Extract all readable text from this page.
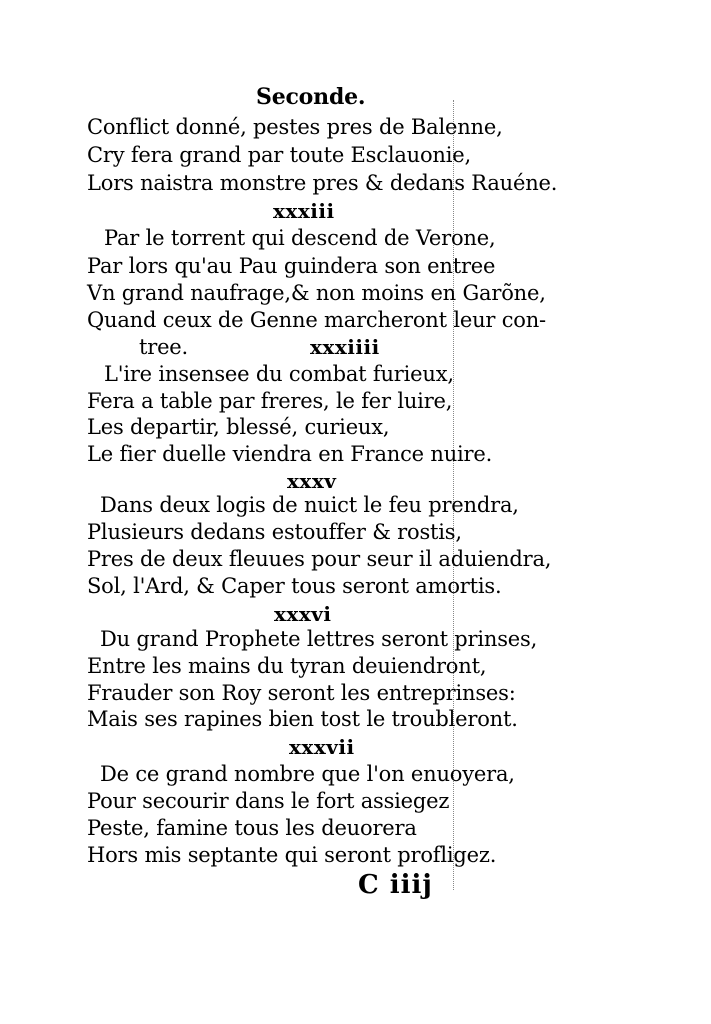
Seconde.
Conflict donné, pestes pres de Balenne,
Cry fera grand par toute Esclauonie,
Lors naistra monstre pres & dedans Rauéne.
xxxiii
Par le torrent qui descend de Verone,
Par lors qu'au Pau guindera son entree
Vn grand naufrage,& non moins en Garõne,
Quand ceux de Genne marcheront leur con-
tree.	xxxiiii
L'ire insensee du combat furieux,
Fera a table par freres, le fer luire,
Les departir, blessé, curieux,
Le fier duelle viendra en France nuire.
xxxv
Dans deux logis de nuict le feu prendra,
Plusieurs dedans estouffer & rostis,
Pres de deux fleuues pour seur il aduiendra,
Sol, l'Ard, & Caper tous seront amortis.
xxxvi
Du grand Prophete lettres seront prinses,
Entre les mains du tyran deuiendront,
Frauder son Roy seront les entreprinses:
Mais ses rapines bien tost le troubleront.
xxxvii
De ce grand nombre que l'on enuoyera,
Pour secourir dans le fort assiegez
Peste, famine tous les deuorera
Hors mis septante qui seront profligez.
C iiij
